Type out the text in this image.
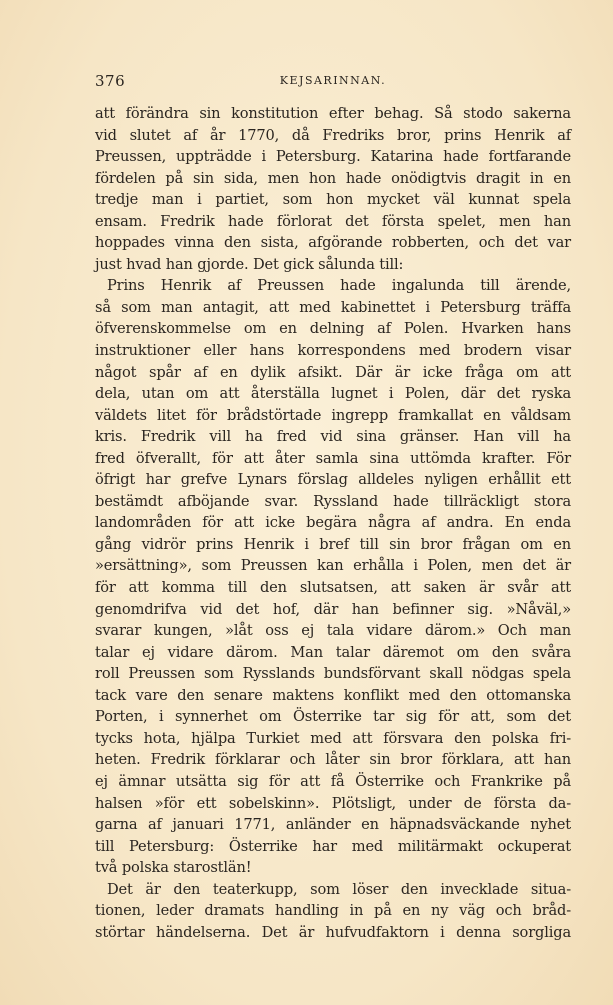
376	KEJSARINNAN.
att förändra sin konstitution efter behag. Så stodo sakerna
vid slutet af år 1770, då Fredriks bror, prins Henrik af
Preussen, uppträdde i Petersburg. Katarina hade fortfarande
fördelen på sin sida, men hon hade onödigtvis dragit in en
tredje man i partiet, som hon mycket väl kunnat spela
ensam. Fredrik hade förlorat det första spelet, men han
hoppades vinna den sista, afgörande robberten, och det var
just hvad han gjorde. Det gick sålunda till:
Prins Henrik af Preussen hade ingalunda till ärende,
så som man antagit, att med kabinettet i Petersburg träffa
öfverenskommelse om en delning af Polen. Hvarken hans
instruktioner eller hans korrespondens med brodern visar
något spår af en dylik afsikt. Där är icke fråga om att
dela, utan om att återställa lugnet i Polen, där det ryska
väldets litet för brådstörtade ingrepp framkallat en våldsam
kris. Fredrik vill ha fred vid sina gränser. Han vill ha
fred öfverallt, för att åter samla sina uttömda krafter. För
öfrigt har grefve Lynars förslag alldeles nyligen erhållit ett
bestämdt afböjande svar. Ryssland hade tillräckligt stora
landområden för att icke begära några af andra. En enda
gång vidrör prins Henrik i bref till sin bror frågan om en
»ersättning», som Preussen kan erhålla i Polen, men det är
för att komma till den slutsatsen, att saken är svår att
genomdrifva vid det hof, där han befinner sig. »Nåväl,»
svarar kungen, »låt oss ej tala vidare därom.» Och man
talar ej vidare därom. Man talar däremot om den svåra
roll Preussen som Rysslands bundsförvant skall nödgas spela
tack vare den senare maktens konflikt med den ottomanska
Porten, i synnerhet om Österrike tar sig för att, som det
tycks hota, hjälpa Turkiet med att försvara den polska fri-
heten. Fredrik förklarar och låter sin bror förklara, att han
ej ämnar utsätta sig för att få Österrike och Frankrike på
halsen »för ett sobelskinn». Plötsligt, under de första da-
garna af januari 1771, anländer en häpnadsväckande nyhet
till Petersburg: Österrike har med militärmakt ockuperat
två polska starostlän!
Det är den teaterkupp, som löser den invecklade situa-
tionen, leder dramats handling in på en ny väg och bråd-
störtar händelserna. Det är hufvudfaktorn i denna sorgliga
